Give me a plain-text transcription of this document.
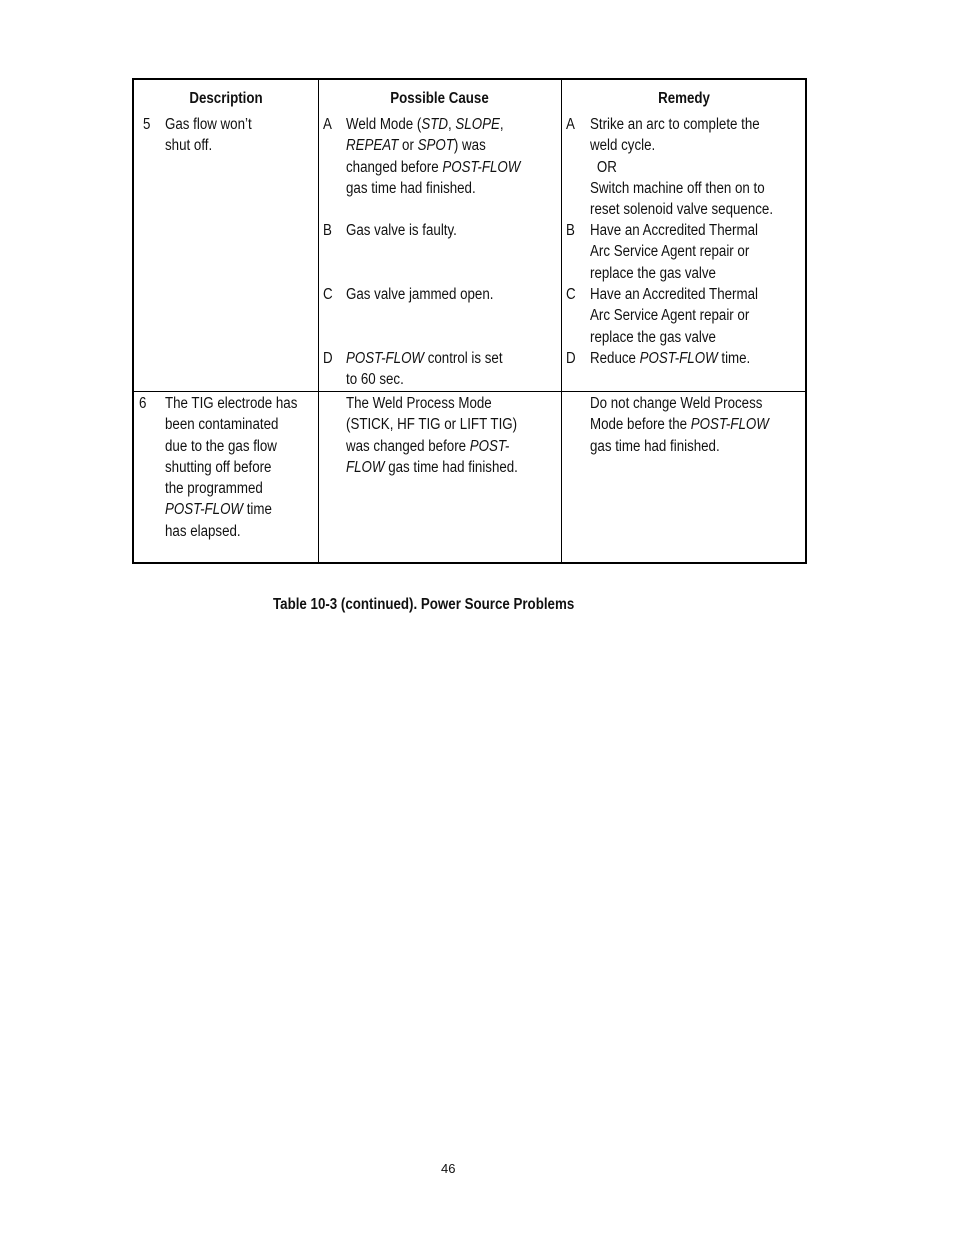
Description	Possible Cause	Remedy
5 Gas flow won’t
shut off.
A Weld Mode (STD, SLOPE,
REPEAT or SPOT) was
changed before POST-FLOW
gas time had finished.
B Gas valve is faulty.
C Gas valve jammed open.
D POST-FLOW control is set
to 60 sec.
A Strike an arc to complete the
weld cycle.
OR
Switch machine off then on to
reset solenoid valve sequence.
B Have an Accredited Thermal
Arc Service Agent repair or
replace the gas valve
C Have an Accredited Thermal
Arc Service Agent repair or
replace the gas valve
D Reduce POST-FLOW time.
6 The TIG electrode has
been contaminated
due to the gas flow
shutting off before
the programmed
POST-FLOW time
has elapsed.
The Weld Process Mode
(STICK, HF TIG or LIFT TIG)
was changed before POST-
FLOW gas time had finished.
Do not change Weld Process
Mode before the POST-FLOW
gas time had finished.
Table 10-3 (continued). Power Source Problems
46
